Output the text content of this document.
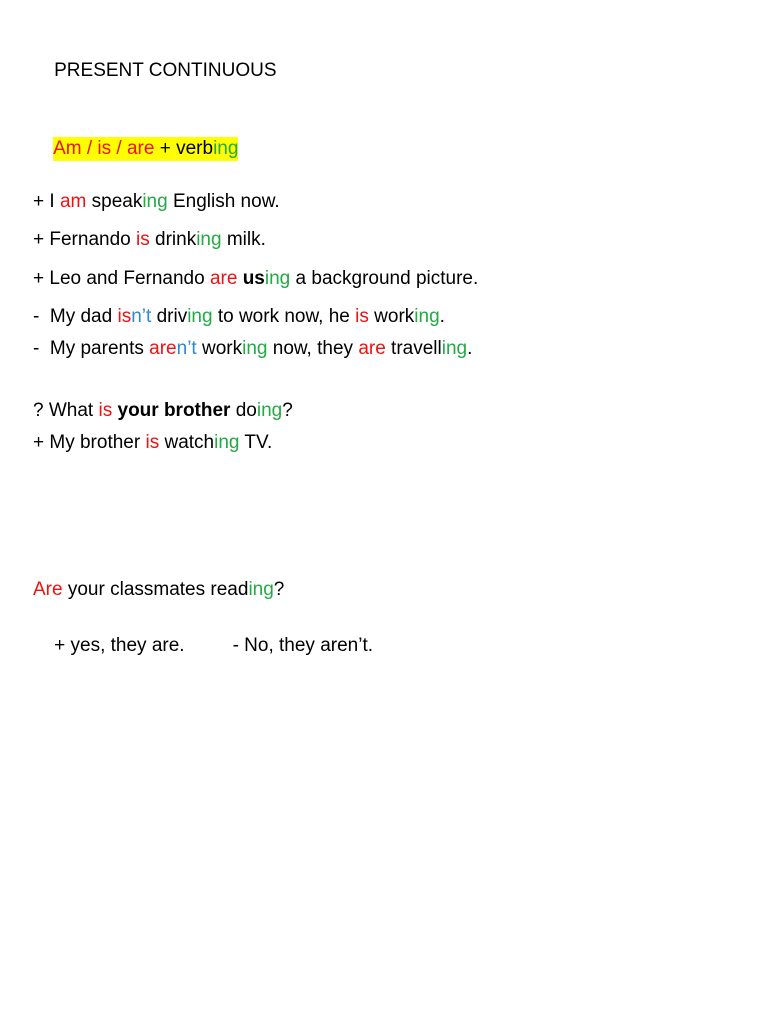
PRESENT CONTINUOUS

Am / is / are + verbing

+ I am speaking English now.
+ Fernando is drinking milk.
+ Leo and Fernando are using a background picture.
-  My dad isn’t driving to work now, he is working.
-  My parents aren’t working now, they are travelling.
? What is your brother doing?
+ My brother is watching TV.
Are your classmates reading?

+ yes, they are.	- No, they aren’t.
